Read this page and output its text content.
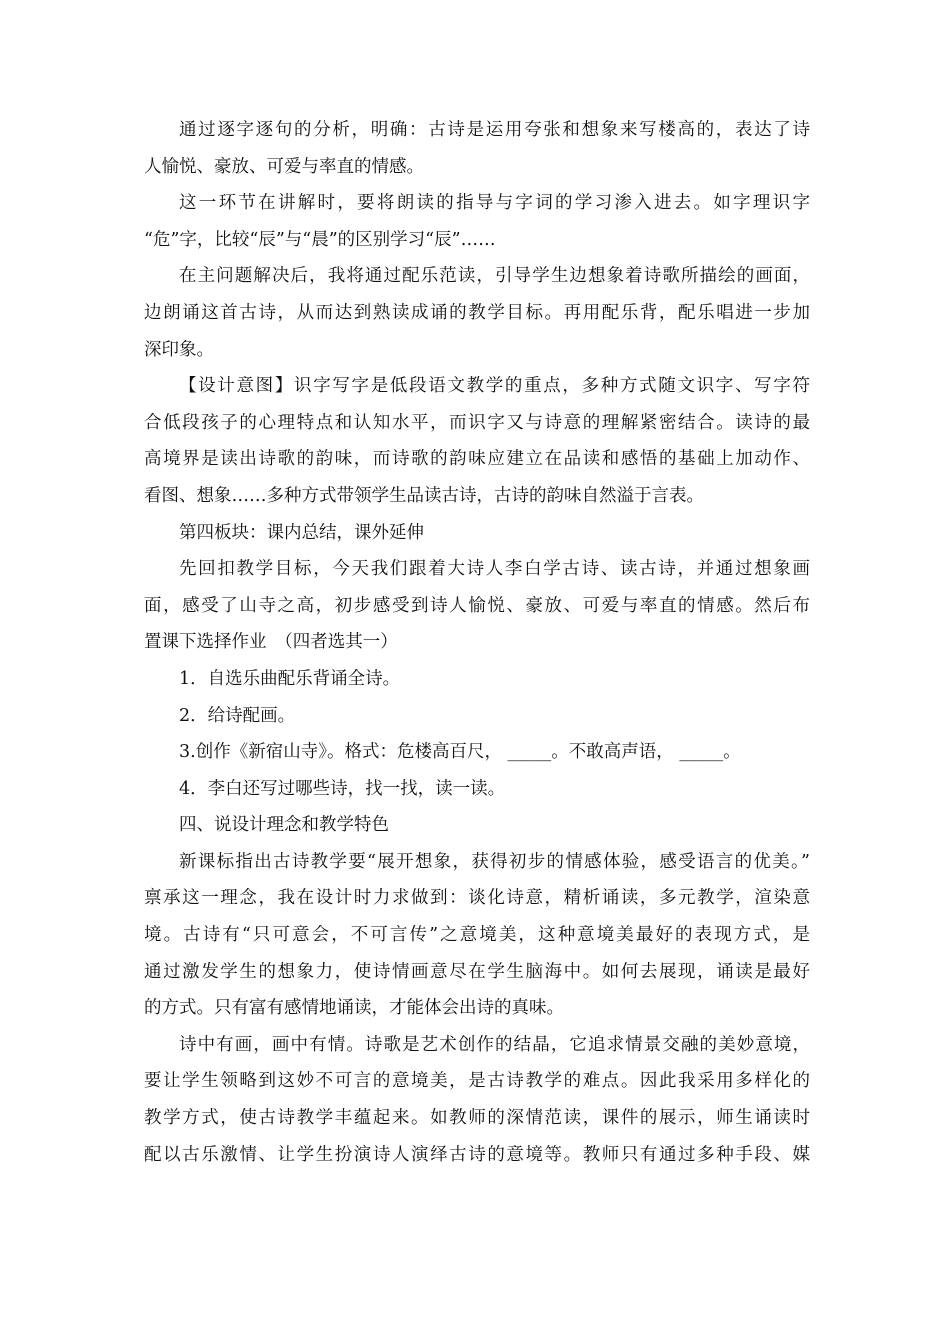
通过逐字逐句的分析，明确：古诗是运用夸张和想象来写楼高的，表达了诗
人愉悦、豪放、可爱与率直的情感。
这一环节在讲解时，要将朗读的指导与字词的学习渗入进去。如字理识字
“危”字，比较“辰”与“晨”的区别学习“辰”……
在主问题解决后，我将通过配乐范读，引导学生边想象着诗歌所描绘的画面，
边朗诵这首古诗，从而达到熟读成诵的教学目标。再用配乐背，配乐唱进一步加
深印象。
【设计意图】识字写字是低段语文教学的重点，多种方式随文识字、写字符
合低段孩子的心理特点和认知水平，而识字又与诗意的理解紧密结合。读诗的最
高境界是读出诗歌的韵味，而诗歌的韵味应建立在品读和感悟的基础上加动作、
看图、想象……多种方式带领学生品读古诗，古诗的韵味自然溢于言表。
第四板块：课内总结，课外延伸
先回扣教学目标，今天我们跟着大诗人李白学古诗、读古诗，并通过想象画
面，感受了山寺之高，初步感受到诗人愉悦、豪放、可爱与率直的情感。然后布
置课下选择作业　（四者选其一）
1．自选乐曲配乐背诵全诗。
2．给诗配画。
3.创作《新宿山寺》。格式：危楼高百尺， _____。不敢高声语， _____。
4．李白还写过哪些诗，找一找，读一读。
四、说设计理念和教学特色
新课标指出古诗教学要“展开想象，获得初步的情感体验，感受语言的优美。”
禀承这一理念，我在设计时力求做到：谈化诗意，精析诵读，多元教学，渲染意
境。古诗有“只可意会，不可言传”之意境美，这种意境美最好的表现方式，是
通过激发学生的想象力，使诗情画意尽在学生脑海中。如何去展现，诵读是最好
的方式。只有富有感情地诵读，才能体会出诗的真味。
诗中有画，画中有情。诗歌是艺术创作的结晶，它追求情景交融的美妙意境，
要让学生领略到这妙不可言的意境美，是古诗教学的难点。因此我采用多样化的
教学方式，使古诗教学丰蕴起来。如教师的深情范读，课件的展示，师生诵读时
配以古乐激情、让学生扮演诗人演绎古诗的意境等。教师只有通过多种手段、媒
